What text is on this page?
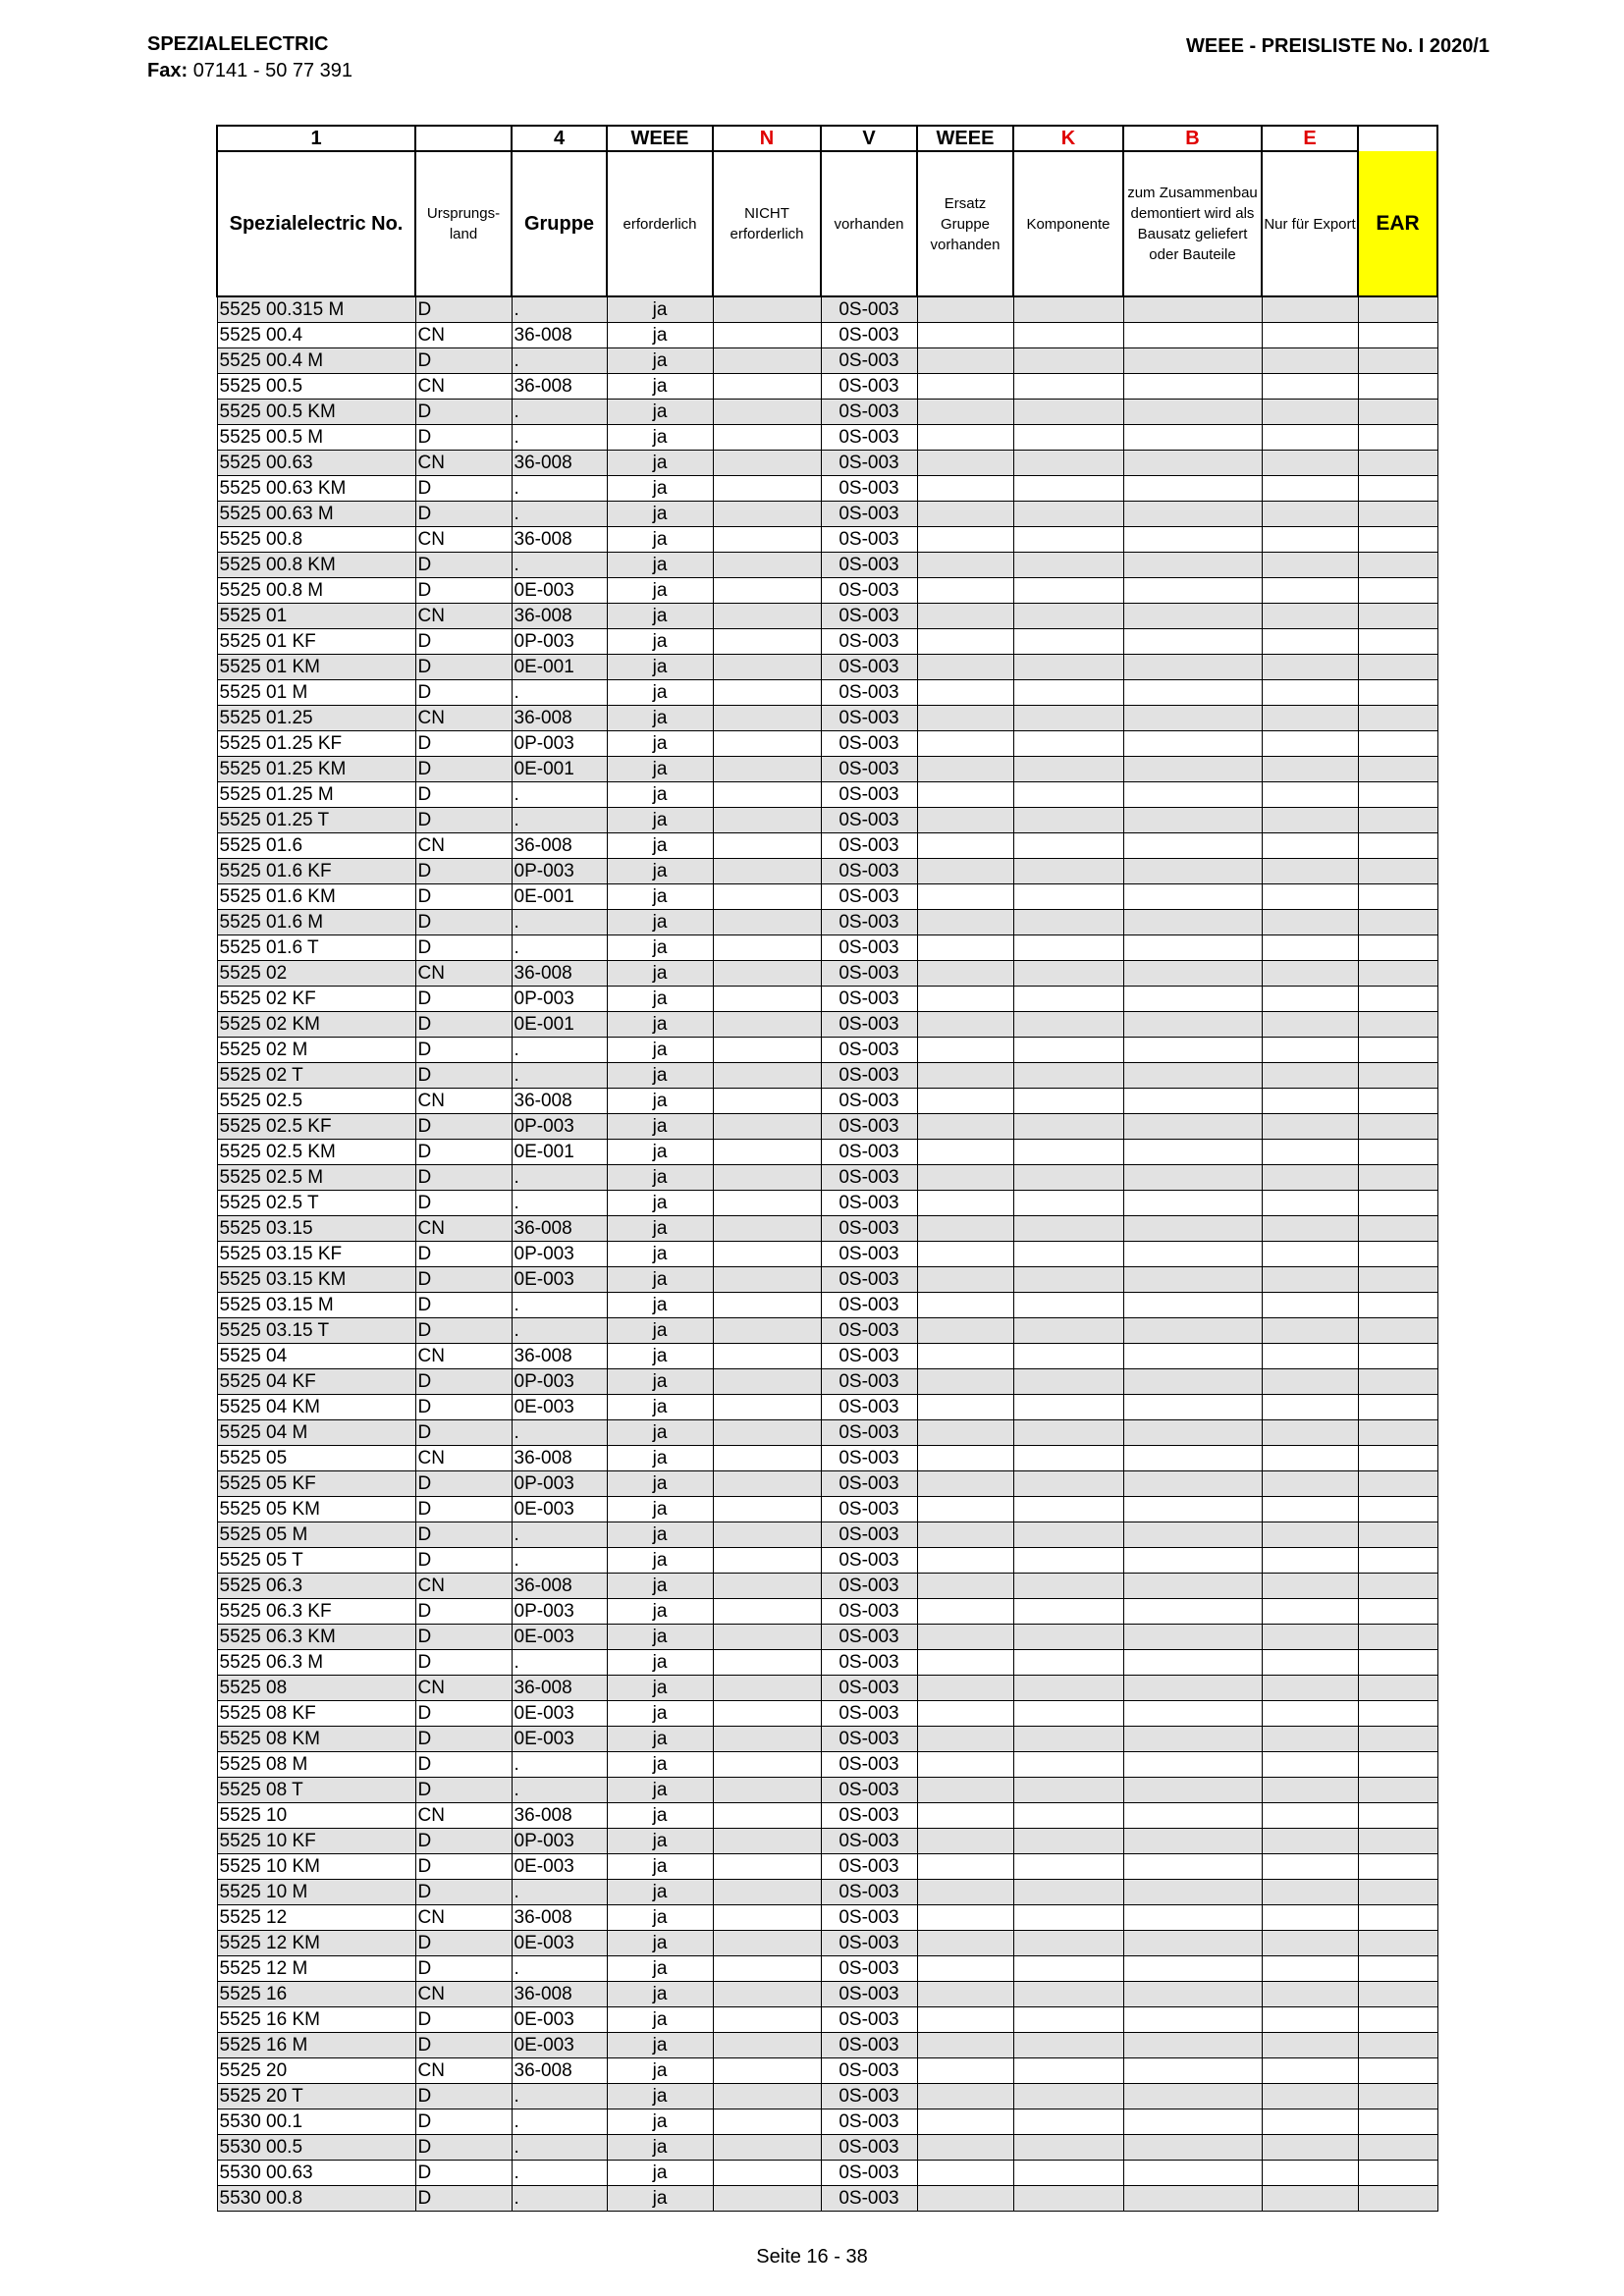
SPEZIALELECTRIC
Fax: 07141 - 50 77 391
WEEE - PREISLISTE No. I 2020/1
1		4	WEEE	N	V	WEEE	K	B	E	
Spezialelectric No.	Ursprungs-land	Gruppe	erforderlich	NICHT erforderlich	vorhanden	Ersatz Gruppe vorhanden	Komponente	zum Zusammenbau demontiert wird als Bausatz geliefert oder Bauteile	Nur für Export	EAR
5525 00.315 M	D	.	ja		0S-003					
5525 00.4	CN	36-008	ja		0S-003					
5525 00.4 M	D	.	ja		0S-003					
5525 00.5	CN	36-008	ja		0S-003					
5525 00.5 KM	D	.	ja		0S-003					
5525 00.5 M	D	.	ja		0S-003					
5525 00.63	CN	36-008	ja		0S-003					
5525 00.63 KM	D	.	ja		0S-003					
5525 00.63 M	D	.	ja		0S-003					
5525 00.8	CN	36-008	ja		0S-003					
5525 00.8 KM	D	.	ja		0S-003					
5525 00.8 M	D	0E-003	ja		0S-003					
5525 01	CN	36-008	ja		0S-003					
5525 01 KF	D	0P-003	ja		0S-003					
5525 01 KM	D	0E-001	ja		0S-003					
5525 01 M	D	.	ja		0S-003					
5525 01.25	CN	36-008	ja		0S-003					
5525 01.25 KF	D	0P-003	ja		0S-003					
5525 01.25 KM	D	0E-001	ja		0S-003					
5525 01.25 M	D	.	ja		0S-003					
5525 01.25 T	D	.	ja		0S-003					
5525 01.6	CN	36-008	ja		0S-003					
5525 01.6 KF	D	0P-003	ja		0S-003					
5525 01.6 KM	D	0E-001	ja		0S-003					
5525 01.6 M	D	.	ja		0S-003					
5525 01.6 T	D	.	ja		0S-003					
5525 02	CN	36-008	ja		0S-003					
5525 02 KF	D	0P-003	ja		0S-003					
5525 02 KM	D	0E-001	ja		0S-003					
5525 02 M	D	.	ja		0S-003					
5525 02 T	D	.	ja		0S-003					
5525 02.5	CN	36-008	ja		0S-003					
5525 02.5 KF	D	0P-003	ja		0S-003					
5525 02.5 KM	D	0E-001	ja		0S-003					
5525 02.5 M	D	.	ja		0S-003					
5525 02.5 T	D	.	ja		0S-003					
5525 03.15	CN	36-008	ja		0S-003					
5525 03.15 KF	D	0P-003	ja		0S-003					
5525 03.15 KM	D	0E-003	ja		0S-003					
5525 03.15 M	D	.	ja		0S-003					
5525 03.15 T	D	.	ja		0S-003					
5525 04	CN	36-008	ja		0S-003					
5525 04 KF	D	0P-003	ja		0S-003					
5525 04 KM	D	0E-003	ja		0S-003					
5525 04 M	D	.	ja		0S-003					
5525 05	CN	36-008	ja		0S-003					
5525 05 KF	D	0P-003	ja		0S-003					
5525 05 KM	D	0E-003	ja		0S-003					
5525 05 M	D	.	ja		0S-003					
5525 05 T	D	.	ja		0S-003					
5525 06.3	CN	36-008	ja		0S-003					
5525 06.3 KF	D	0P-003	ja		0S-003					
5525 06.3 KM	D	0E-003	ja		0S-003					
5525 06.3 M	D	.	ja		0S-003					
5525 08	CN	36-008	ja		0S-003					
5525 08 KF	D	0E-003	ja		0S-003					
5525 08 KM	D	0E-003	ja		0S-003					
5525 08 M	D	.	ja		0S-003					
5525 08 T	D	.	ja		0S-003					
5525 10	CN	36-008	ja		0S-003					
5525 10 KF	D	0P-003	ja		0S-003					
5525 10 KM	D	0E-003	ja		0S-003					
5525 10 M	D	.	ja		0S-003					
5525 12	CN	36-008	ja		0S-003					
5525 12 KM	D	0E-003	ja		0S-003					
5525 12 M	D	.	ja		0S-003					
5525 16	CN	36-008	ja		0S-003					
5525 16 KM	D	0E-003	ja		0S-003					
5525 16 M	D	0E-003	ja		0S-003					
5525 20	CN	36-008	ja		0S-003					
5525 20 T	D	.	ja		0S-003					
5530 00.1	D	.	ja		0S-003					
5530 00.5	D	.	ja		0S-003					
5530 00.63	D	.	ja		0S-003					
5530 00.8	D	.	ja		0S-003					
Seite 16 - 38
